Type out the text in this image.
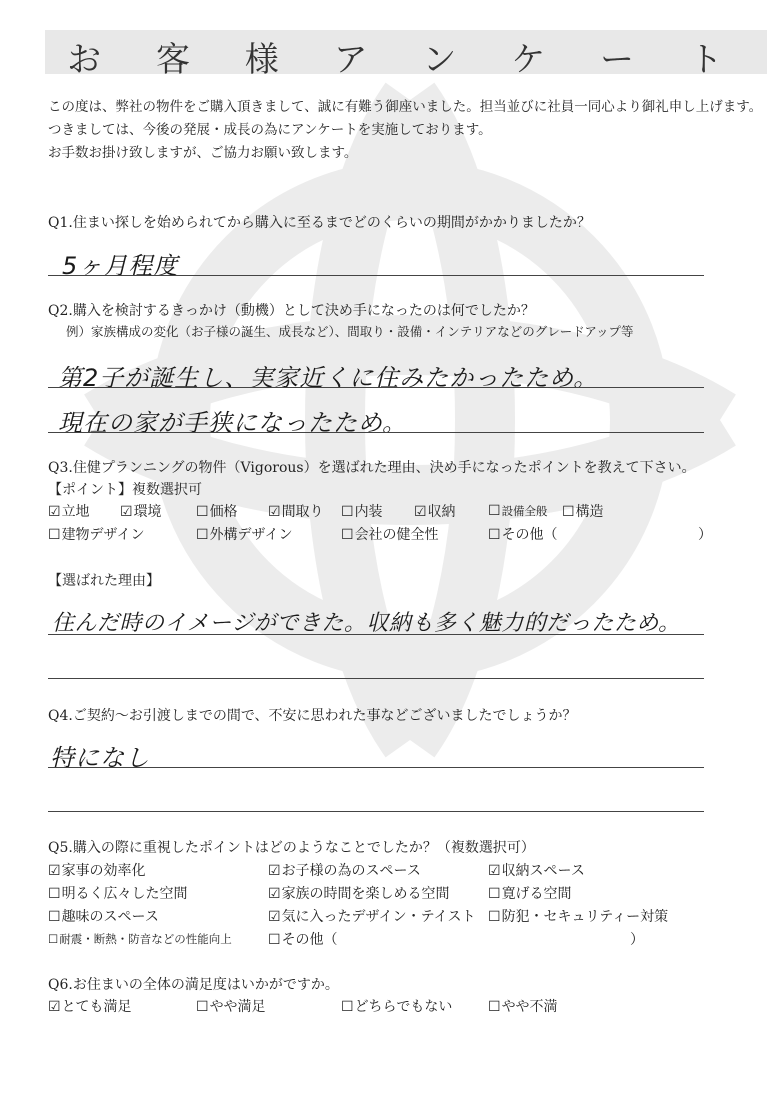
お 客 様 ア ン ケ ー ト
この度は、弊社の物件をご購入頂きまして、誠に有難う御座いました。担当並びに社員一同心より御礼申し上げます。
つきましては、今後の発展・成長の為にアンケートを実施しております。
お手数お掛け致しますが、ご協力お願い致します。
Q1.住まい探しを始められてから購入に至るまでどのくらいの期間がかかりましたか？
5ヶ月程度
Q2.購入を検討するきっかけ（動機）として決め手になったのは何でしたか？
例）家族構成の変化（お子様の誕生、成長など）、間取り・設備・インテリアなどのグレードアップ等
第2子が誕生し、実家近くに住みたかったため。
現在の家が手狭になったため。
Q3.住健プランニングの物件（Vigorous）を選ばれた理由、決め手になったポイントを教えて下さい。
【ポイント】複数選択可
☑立地 ☑環境 ☐価格 ☑間取り ☐内装 ☑収納 ☐設備全般 ☐構造
☐建物デザイン	☐外構デザイン	☐会社の健全性	☐その他（	）
【選ばれた理由】
住んだ時のイメージができた。収納も多く魅力的だったため。
Q4.ご契約～お引渡しまでの間で、不安に思われた事などございましたでしょうか？
特になし
Q5.購入の際に重視したポイントはどのようなことでしたか？（複数選択可）
☑家事の効率化	☑お子様の為のスペース	☑収納スペース
☐明るく広々した空間	☑家族の時間を楽しめる空間	☐寛げる空間
☐趣味のスペース	☑気に入ったデザイン・テイスト ☐防犯・セキュリティー対策
☐耐震・断熱・防音などの性能向上	☐その他（	）
Q6.お住まいの全体の満足度はいかがですか。
☑とても満足	☐やや満足	☐どちらでもない	☐やや不満
